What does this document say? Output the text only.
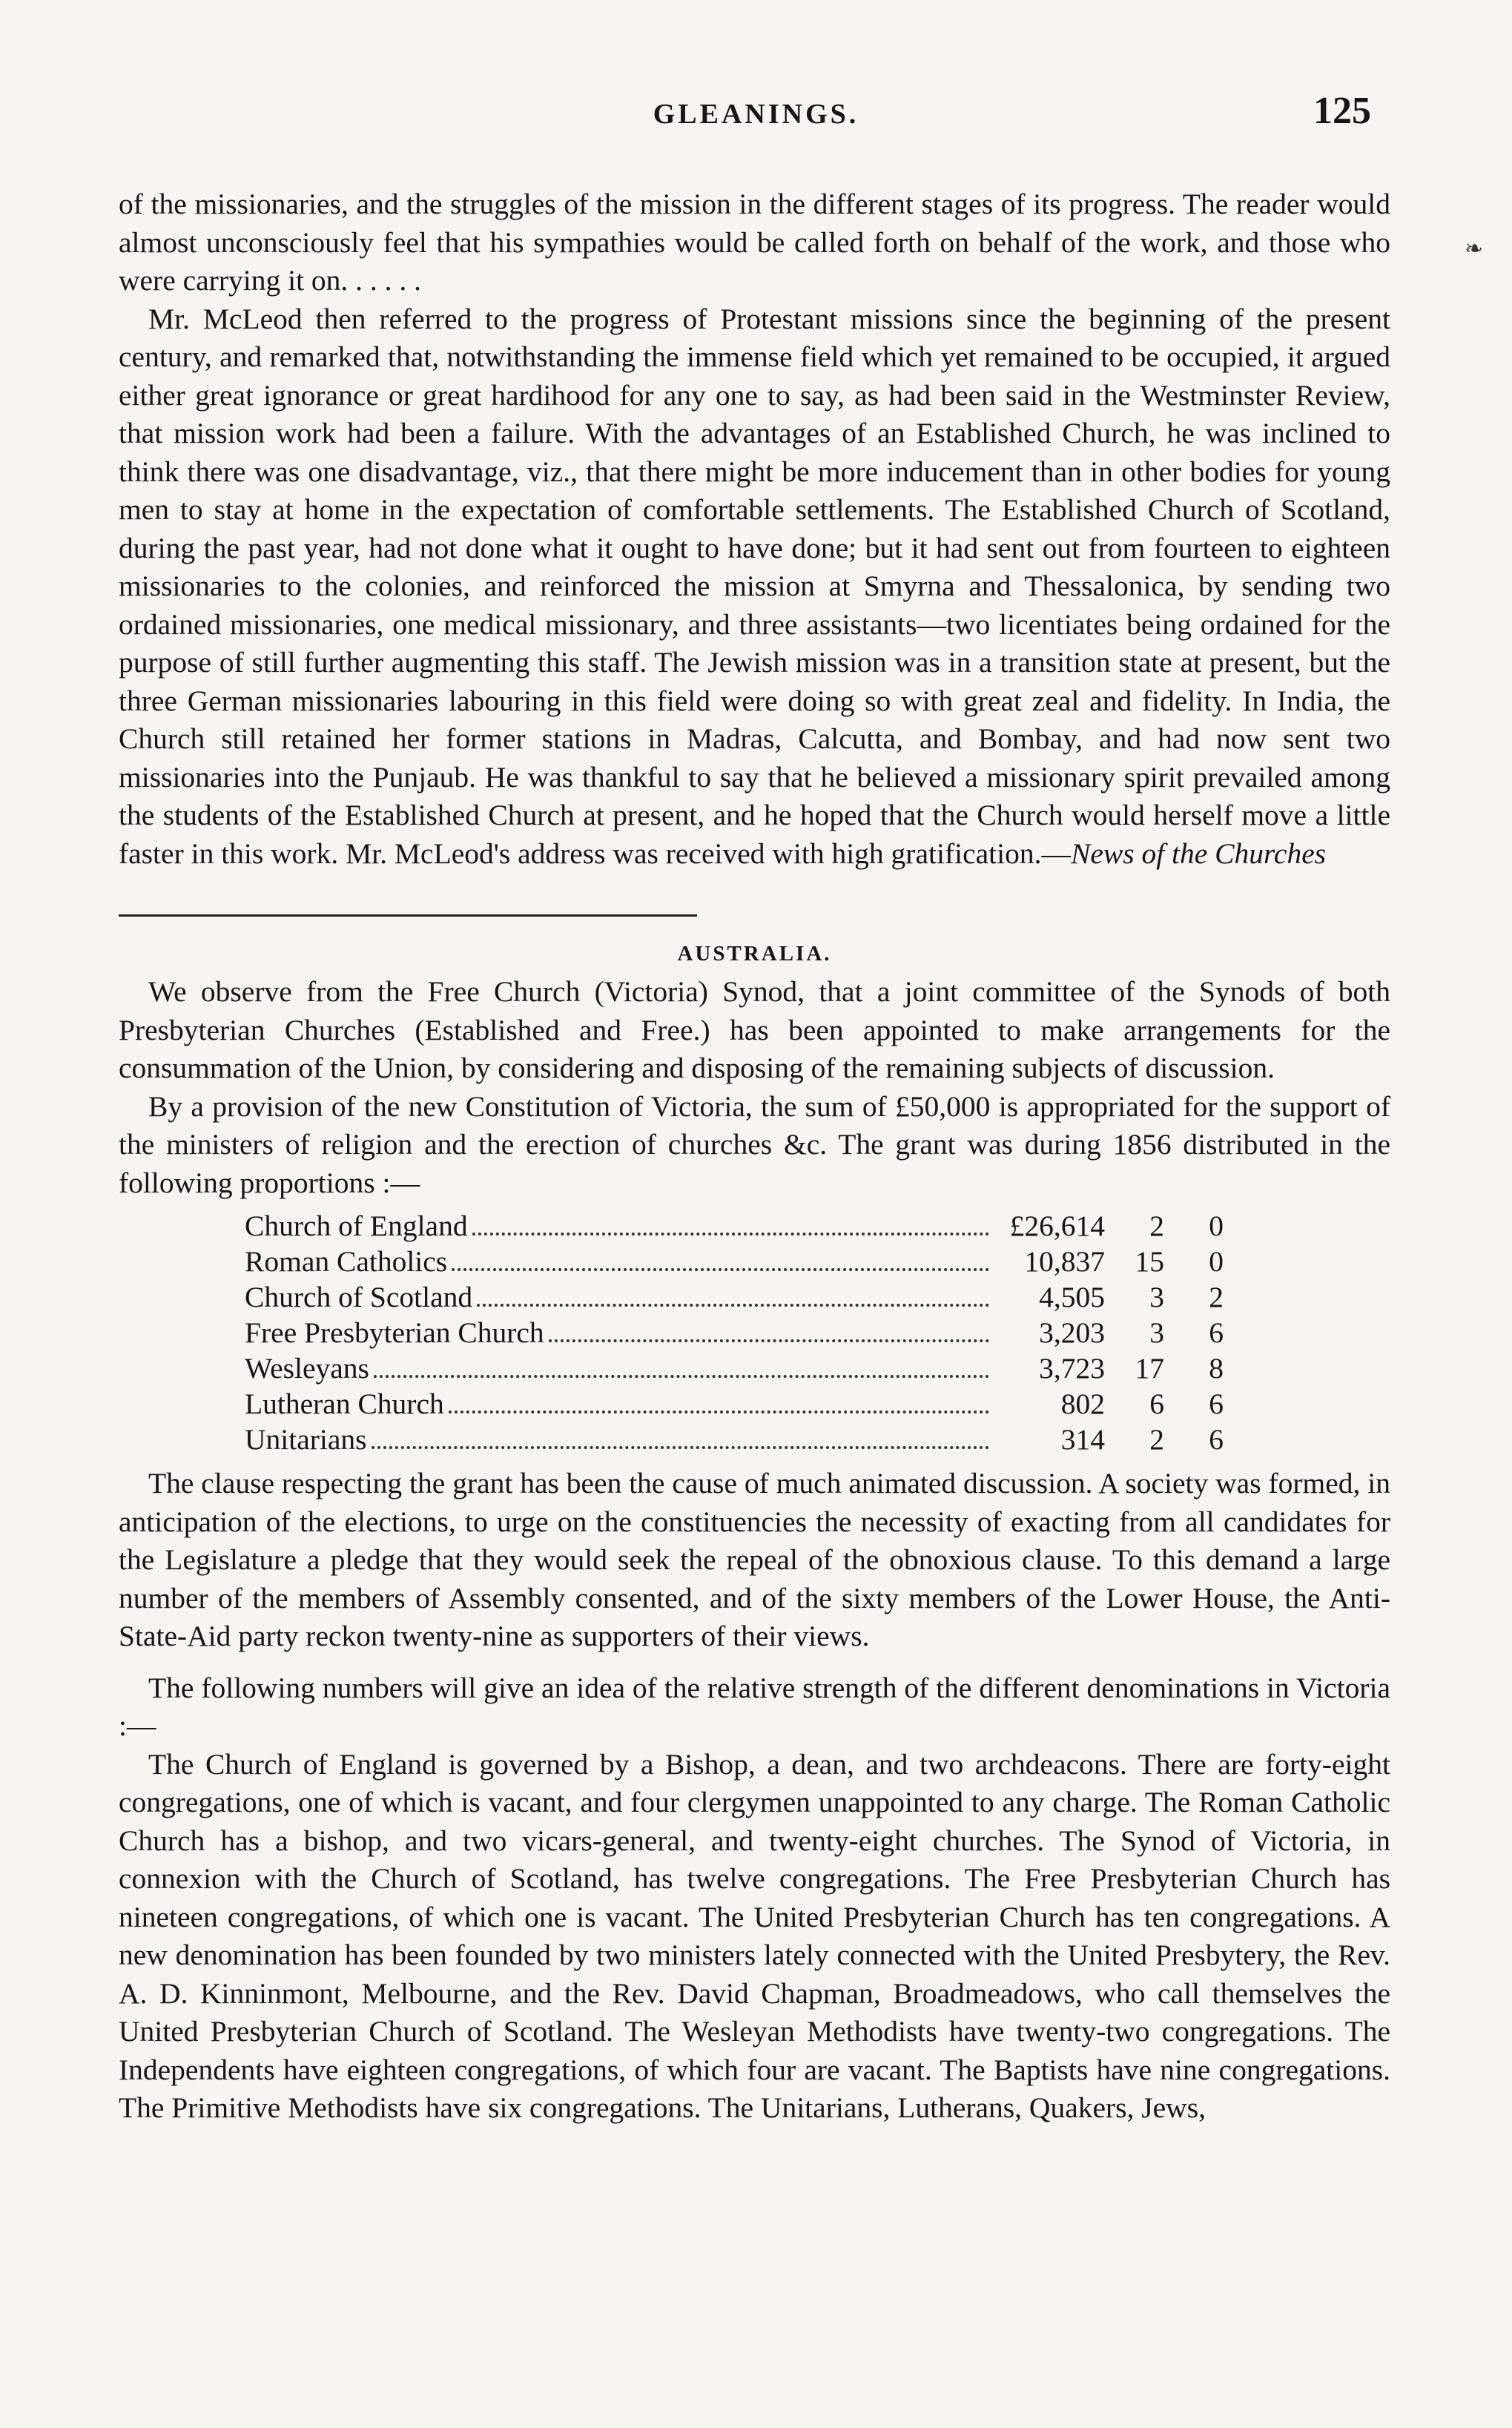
GLEANINGS.	125
❧

of the missionaries, and the struggles of the mission in the different stages of its progress. The reader would almost unconsciously feel that his sympathies would be called forth on behalf of the work, and those who were carrying it on. . . . . .

Mr. McLeod then referred to the progress of Protestant missions since the beginning of the present century, and remarked that, notwithstanding the immense field which yet remained to be occupied, it argued either great ignorance or great hardihood for any one to say, as had been said in the Westminster Review, that mission work had been a failure. With the advantages of an Established Church, he was inclined to think there was one disadvantage, viz., that there might be more inducement than in other bodies for young men to stay at home in the expectation of comfortable settlements. The Established Church of Scotland, during the past year, had not done what it ought to have done; but it had sent out from fourteen to eighteen missionaries to the colonies, and reinforced the mission at Smyrna and Thessalonica, by sending two ordained missionaries, one medical missionary, and three assistants—two licentiates being ordained for the purpose of still further augmenting this staff. The Jewish mission was in a transition state at present, but the three German missionaries labouring in this field were doing so with great zeal and fidelity. In India, the Church still retained her former stations in Madras, Calcutta, and Bombay, and had now sent two missionaries into the Punjaub. He was thankful to say that he believed a missionary spirit prevailed among the students of the Established Church at present, and he hoped that the Church would herself move a little faster in this work. Mr. McLeod's address was received with high gratification.—News of the Churches

AUSTRALIA.

We observe from the Free Church (Victoria) Synod, that a joint committee of the Synods of both Presbyterian Churches (Established and Free.) has been appointed to make arrangements for the consummation of the Union, by considering and disposing of the remaining subjects of discussion.

By a provision of the new Constitution of Victoria, the sum of £50,000 is appropriated for the support of the ministers of religion and the erection of churches &c. The grant was during 1856 distributed in the following proportions :—

Church of England	£26,614	2	0

Roman Catholics	10,837	15	0

Church of Scotland	4,505	3	2

Free Presbyterian Church	3,203	3	6

Wesleyans	3,723	17	8

Lutheran Church	802	6	6

Unitarians	314	2	6

The clause respecting the grant has been the cause of much animated discussion. A society was formed, in anticipation of the elections, to urge on the constituencies the necessity of exacting from all candidates for the Legislature a pledge that they would seek the repeal of the obnoxious clause. To this demand a large number of the members of Assembly consented, and of the sixty members of the Lower House, the Anti-State-Aid party reckon twenty-nine as supporters of their views.

The following numbers will give an idea of the relative strength of the different denominations in Victoria :—

The Church of England is governed by a Bishop, a dean, and two archdeacons. There are forty-eight congregations, one of which is vacant, and four clergymen unappointed to any charge. The Roman Catholic Church has a bishop, and two vicars-general, and twenty-eight churches. The Synod of Victoria, in connexion with the Church of Scotland, has twelve congregations. The Free Presbyterian Church has nineteen congregations, of which one is vacant. The United Presbyterian Church has ten congregations. A new denomination has been founded by two ministers lately connected with the United Presbytery, the Rev. A. D. Kinninmont, Melbourne, and the Rev. David Chapman, Broadmeadows, who call themselves the United Presbyterian Church of Scotland. The Wesleyan Methodists have twenty-two congregations. The Independents have eighteen congregations, of which four are vacant. The Baptists have nine congregations. The Primitive Methodists have six congregations. The Unitarians, Lutherans, Quakers, Jews,
